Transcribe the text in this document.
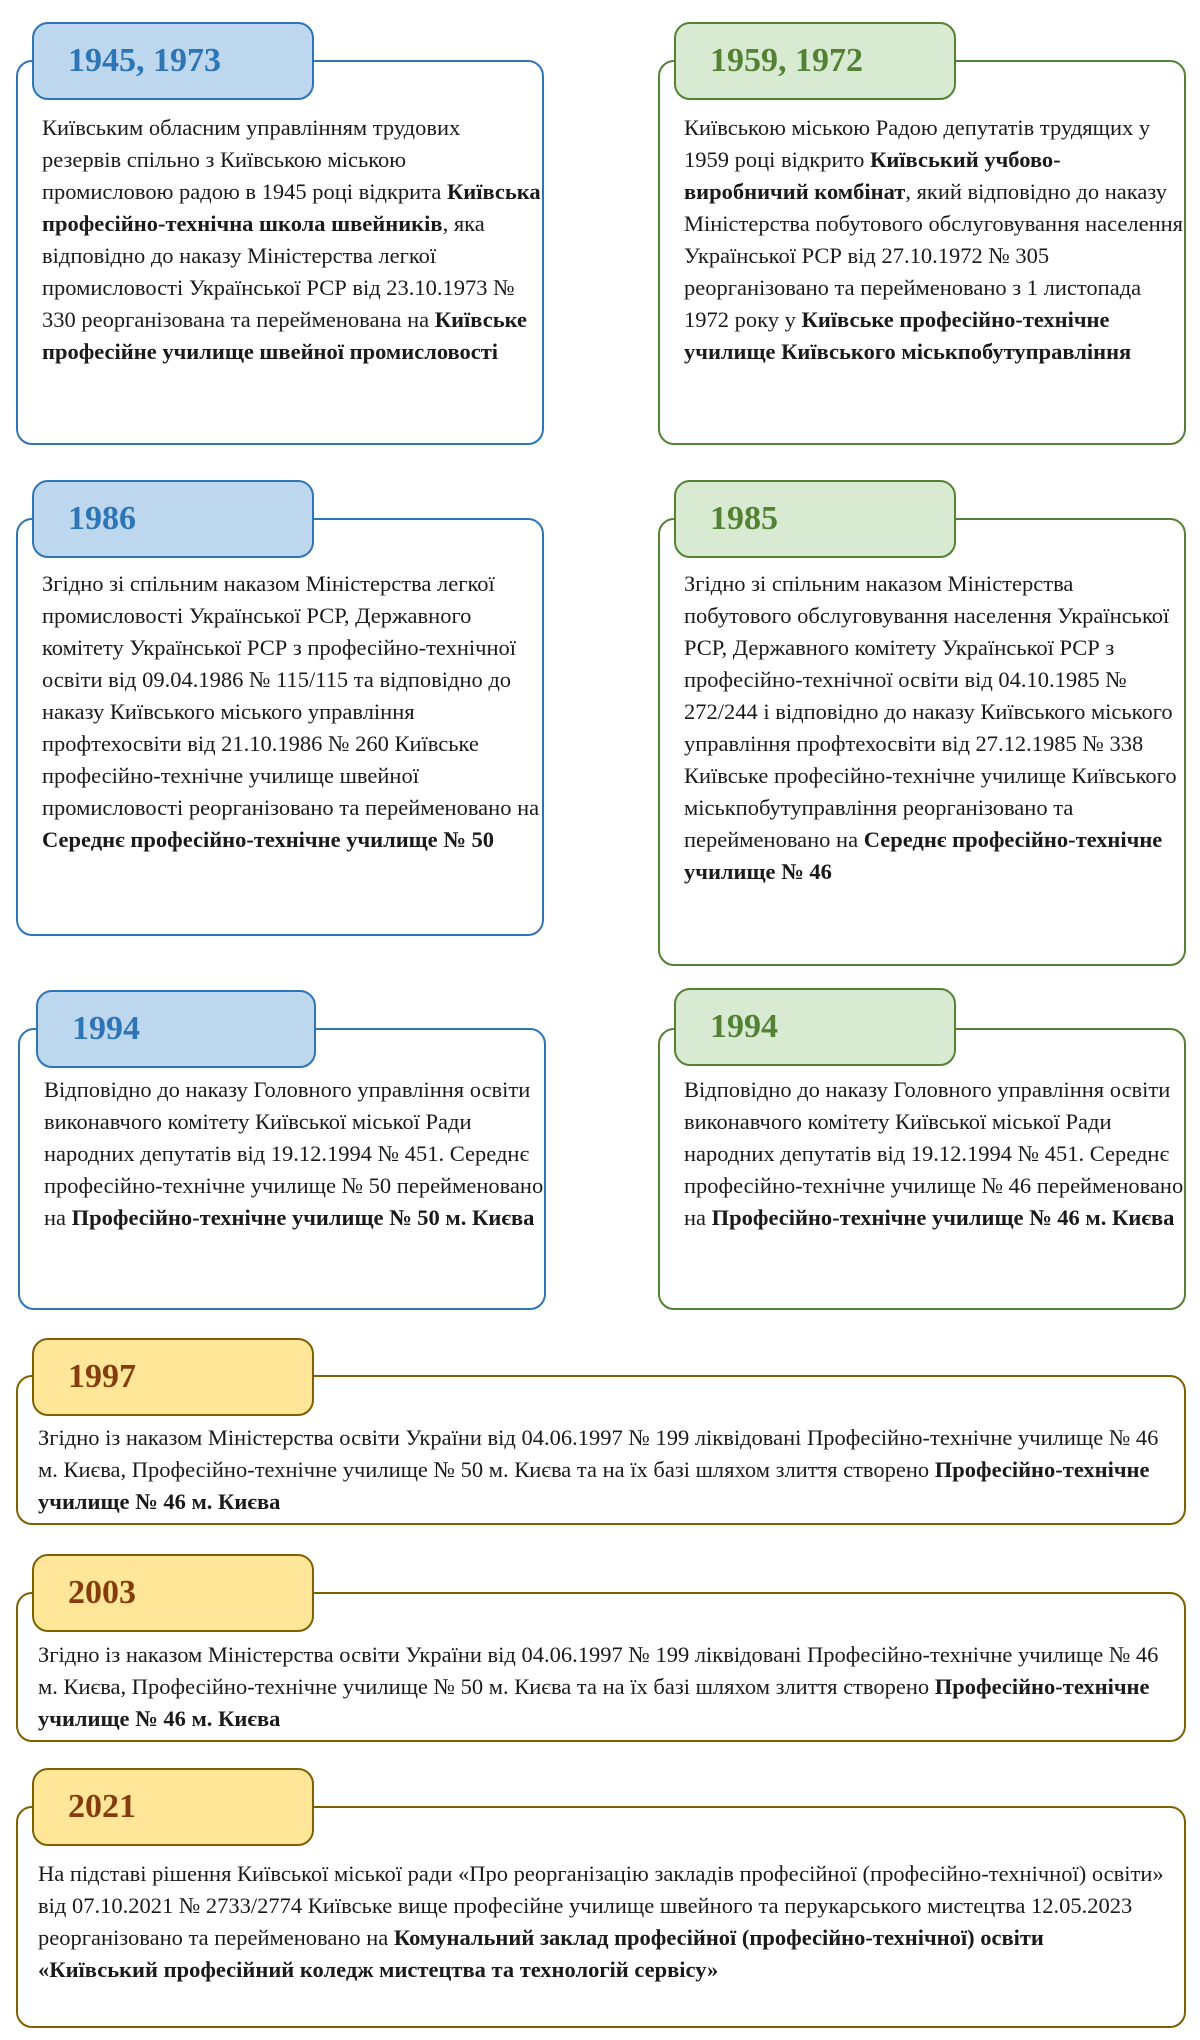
Київським обласним управлінням трудових резервів спільно з Київською міською промисловою радою в 1945 році відкрита Київська професійно-технічна школа швейників, яка відповідно до наказу Міністерства легкої промисловості Української РСР від 23.10.1973 № 330 реорганізована та перейменована на Київське професійне училище швейної промисловості
1945, 1973
Київською міською Радою депутатів трудящих у 1959 році відкрито Київський учбово-виробничий комбінат, який відповідно до наказу Міністерства побутового обслуговування населення Української РСР від 27.10.1972 № 305 реорганізовано та перейменовано з 1 листопада 1972 року у Київське професійно-технічне училище Київського міськпобутуправління
1959, 1972
Згідно зі спільним наказом Міністерства легкої промисловості Української РСР, Державного комітету Української РСР з професійно-технічної освіти від 09.04.1986 № 115/115 та відповідно до наказу Київського міського управління профтехосвіти від 21.10.1986 № 260 Київське професійно-технічне училище швейної промисловості реорганізовано та перейменовано на Середнє професійно-технічне училище № 50
1986
Згідно зі спільним наказом Міністерства побутового обслуговування населення Української РСР, Державного комітету Української РСР з професійно-технічної освіти від 04.10.1985 № 272/244 і відповідно до наказу Київського міського управління профтехосвіти від 27.12.1985 № 338 Київське професійно-технічне училище Київського міськпобутуправління реорганізовано та перейменовано на Середнє професійно-технічне училище № 46
1985
Відповідно до наказу Головного управління освіти виконавчого комітету Київської міської Ради народних депутатів від 19.12.1994 № 451. Середнє професійно-технічне училище № 50 перейменовано на Професійно-технічне училище № 50 м. Києва
1994
Відповідно до наказу Головного управління освіти виконавчого комітету Київської міської Ради народних депутатів від 19.12.1994 № 451. Середнє професійно-технічне училище № 46 перейменовано на Професійно-технічне училище № 46 м. Києва
1994
Згідно із наказом Міністерства освіти України від 04.06.1997 № 199 ліквідовані Професійно-технічне училище № 46 м. Києва, Професійно-технічне училище № 50 м. Києва та на їх базі шляхом злиття створено Професійно-технічне училище № 46 м. Києва
1997
Згідно із наказом Міністерства освіти України від 04.06.1997 № 199 ліквідовані Професійно-технічне училище № 46 м. Києва, Професійно-технічне училище № 50 м. Києва та на їх базі шляхом злиття створено Професійно-технічне училище № 46 м. Києва
2003
На підставі рішення Київської міської ради «Про реорганізацію закладів професійної (професійно-технічної) освіти» від 07.10.2021 № 2733/2774 Київське вище професійне училище швейного та перукарського мистецтва 12.05.2023 реорганізовано та перейменовано на Комунальний заклад професійної (професійно-технічної) освіти «Київський професійний коледж мистецтва та технологій сервісу»
2021
